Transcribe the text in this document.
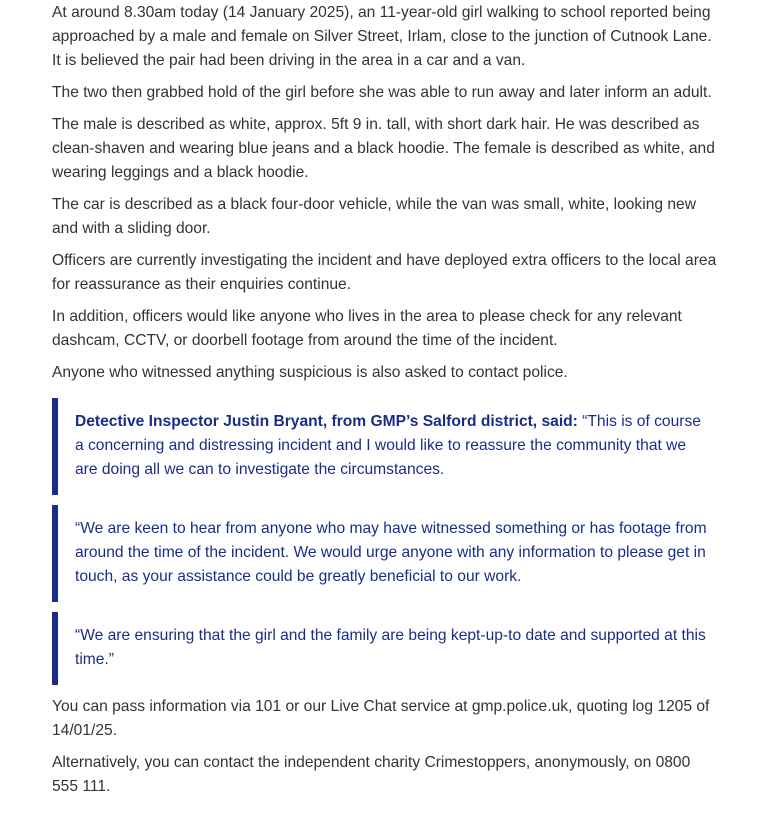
At around 8.30am today (14 January 2025), an 11-year-old girl walking to school reported being approached by a male and female on Silver Street, Irlam, close to the junction of Cutnook Lane. It is believed the pair had been driving in the area in a car and a van.

The two then grabbed hold of the girl before she was able to run away and later inform an adult.

The male is described as white, approx. 5ft 9 in. tall, with short dark hair. He was described as clean-shaven and wearing blue jeans and a black hoodie. The female is described as white, and wearing leggings and a black hoodie.

The car is described as a black four-door vehicle, while the van was small, white, looking new and with a sliding door.

Officers are currently investigating the incident and have deployed extra officers to the local area for reassurance as their enquiries continue.

In addition, officers would like anyone who lives in the area to please check for any relevant dashcam, CCTV, or doorbell footage from around the time of the incident.

Anyone who witnessed anything suspicious is also asked to contact police.

Detective Inspector Justin Bryant, from GMP’s Salford district, said: “This is of course a concerning and distressing incident and I would like to reassure the community that we are doing all we can to investigate the circumstances.

“We are keen to hear from anyone who may have witnessed something or has footage from around the time of the incident. We would urge anyone with any information to please get in touch, as your assistance could be greatly beneficial to our work.

“We are ensuring that the girl and the family are being kept-up-to date and supported at this time.”

You can pass information via 101 or our Live Chat service at gmp.police.uk, quoting log 1205 of 14/01/25.

Alternatively, you can contact the independent charity Crimestoppers, anonymously, on 0800 555 111.
